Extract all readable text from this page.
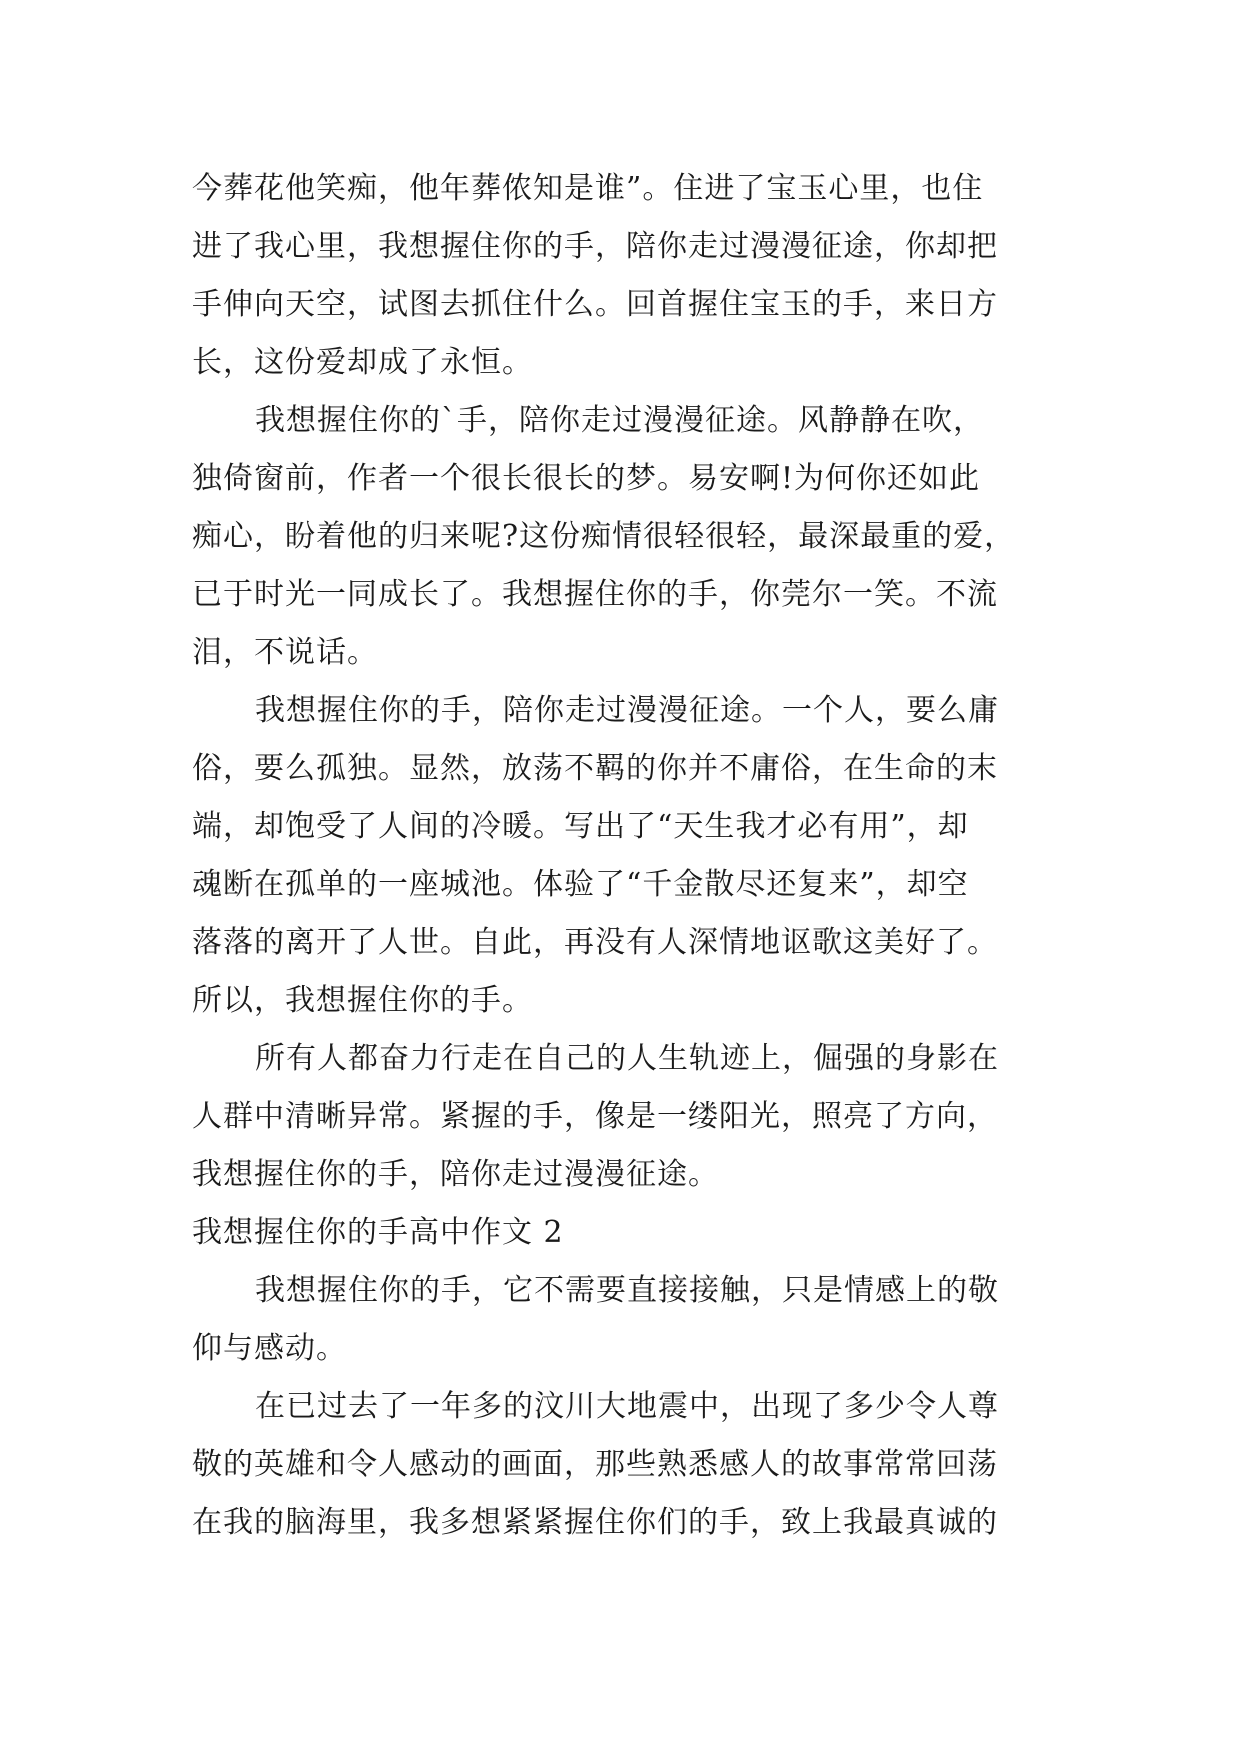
今葬花他笑痴，他年葬侬知是谁”。住进了宝玉心里，也住
进了我心里，我想握住你的手，陪你走过漫漫征途，你却把
手伸向天空，试图去抓住什么。回首握住宝玉的手，来日方
长，这份爱却成了永恒。
我想握住你的`手，陪你走过漫漫征途。风静静在吹，
独倚窗前，作者一个很长很长的梦。易安啊!为何你还如此
痴心，盼着他的归来呢?这份痴情很轻很轻，最深最重的爱，
已于时光一同成长了。我想握住你的手，你莞尔一笑。不流
泪，不说话。
我想握住你的手，陪你走过漫漫征途。一个人，要么庸
俗，要么孤独。显然，放荡不羁的你并不庸俗，在生命的末
端，却饱受了人间的冷暖。写出了“天生我才必有用”，却
魂断在孤单的一座城池。体验了“千金散尽还复来”，却空
落落的离开了人世。自此，再没有人深情地讴歌这美好了。
所以，我想握住你的手。
所有人都奋力行走在自己的人生轨迹上，倔强的身影在
人群中清晰异常。紧握的手，像是一缕阳光，照亮了方向，
我想握住你的手，陪你走过漫漫征途。
我想握住你的手高中作文 2
我想握住你的手，它不需要直接接触，只是情感上的敬
仰与感动。
在已过去了一年多的汶川大地震中，出现了多少令人尊
敬的英雄和令人感动的画面，那些熟悉感人的故事常常回荡
在我的脑海里，我多想紧紧握住你们的手，致上我最真诚的
